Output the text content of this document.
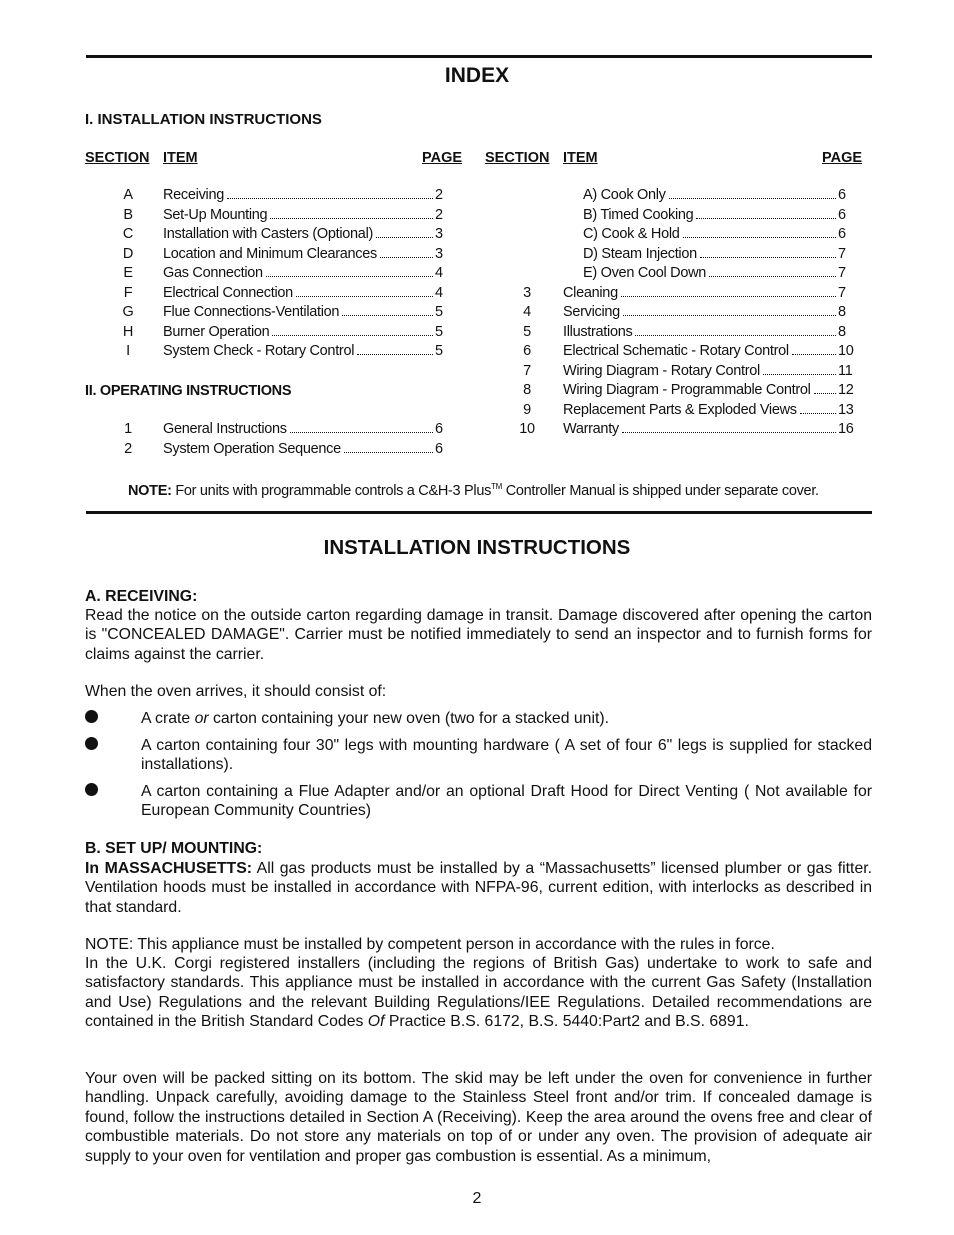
INDEX
I. INSTALLATION INSTRUCTIONS
SECTION ITEM	PAGE SECTION ITEM	PAGE
A	Receiving	2
B	Set-Up Mounting	2
C	Installation with Casters (Optional)	3
D	Location and Minimum Clearances	3
E	Gas Connection	4
F	Electrical Connection	4
G	Flue Connections-Ventilation	5
H	Burner Operation	5
I	System Check - Rotary Control	5
II. OPERATING INSTRUCTIONS
1	General Instructions	6
2	System Operation Sequence	6
A) Cook Only	6
B) Timed Cooking	6
C) Cook & Hold	6
D) Steam Injection	7
E) Oven Cool Down	7
3	Cleaning	7
4	Servicing	8
5	Illustrations	8
6	Electrical Schematic - Rotary Control	10
7	Wiring Diagram - Rotary Control	11
8	Wiring Diagram - Programmable Control 12
9	Replacement Parts & Exploded Views	13
10 Warranty	16
NOTE: For units with programmable controls a C&H-3 Plus™ Controller Manual is shipped under separate cover.
INSTALLATION INSTRUCTIONS
A. RECEIVING:
Read the notice on the outside carton regarding damage in transit. Damage discovered after opening the carton is "CONCEALED DAMAGE". Carrier must be notified immediately to send an inspector and to furnish forms for claims against the carrier.
When the oven arrives, it should consist of:
A crate or carton containing your new oven (two for a stacked unit).
A carton containing four 30" legs with mounting hardware ( A set of four 6" legs is supplied for stacked installations).
A carton containing a Flue Adapter and/or an optional Draft Hood for Direct Venting ( Not available for European Community Countries)
B. SET UP/ MOUNTING:
In MASSACHUSETTS: All gas products must be installed by a “Massachusetts” licensed plumber or gas fitter. Ventilation hoods must be installed in accordance with NFPA-96, current edition, with interlocks as described in that standard.
NOTE: This appliance must be installed by competent person in accordance with the rules in force.
In the U.K. Corgi registered installers (including the regions of British Gas) undertake to work to safe and satisfactory standards. This appliance must be installed in accordance with the current Gas Safety (Installation and Use) Regulations and the relevant Building Regulations/IEE Regulations. Detailed recommendations are contained in the British Standard Codes Of Practice B.S. 6172, B.S. 5440:Part2 and B.S. 6891.
Your oven will be packed sitting on its bottom. The skid may be left under the oven for convenience in further handling. Unpack carefully, avoiding damage to the Stainless Steel front and/or trim. If concealed damage is found, follow the instructions detailed in Section A (Receiving). Keep the area around the ovens free and clear of combustible materials. Do not store any materials on top of or under any oven. The provision of adequate air supply to your oven for ventilation and proper gas combustion is essential. As a minimum,
2
